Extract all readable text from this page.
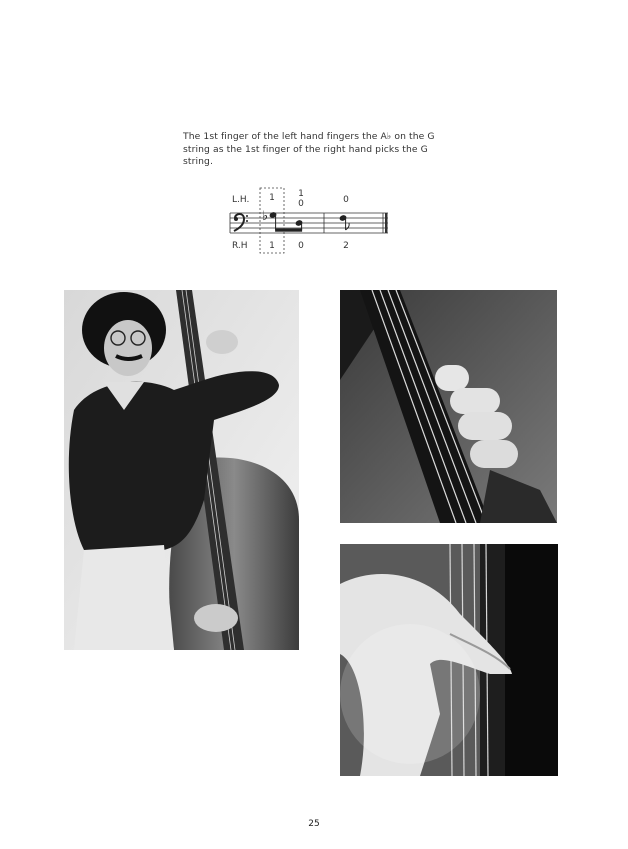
The 1st finger of the left hand fingers the A♭ on the G string as the 1st finger of the right hand picks the G string.
L.H.
R.H
1	1
0	0
1	0	2
♭
25
